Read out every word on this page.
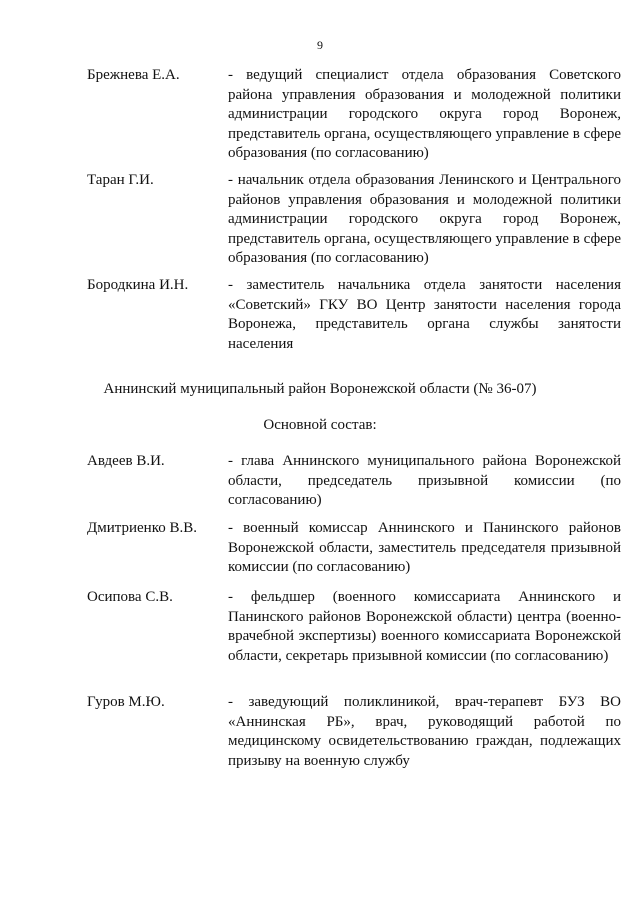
9
Брежнева Е.А.	- ведущий специалист отдела образования Советского района управления образования и молодежной политики администрации городского округа город Воронеж, представитель органа, осуществляющего управление в сфере образования (по согласованию)
Таран Г.И.	- начальник отдела образования Ленинского и Центрального районов управления образования и молодежной политики администрации городского округа город Воронеж, представитель органа, осуществляющего управление в сфере образования (по согласованию)
Бородкина И.Н.	- заместитель начальника отдела занятости населения «Советский» ГКУ ВО Центр занятости населения города Воронежа, представитель органа службы занятости населения
Аннинский муниципальный район Воронежской области (№ 36-07)
Основной состав:
Авдеев В.И.	- глава Аннинского муниципального района Воронежской области, председатель призывной комиссии (по согласованию)
Дмитриенко В.В.	- военный комиссар Аннинского и Панинского районов Воронежской области, заместитель председателя призывной комиссии (по согласованию)
Осипова С.В.	- фельдшер (военного комиссариата Аннинского и Панинского районов Воронежской области) центра (военно-врачебной экспертизы) военного комиссариата Воронежской области, секретарь призывной комиссии (по согласованию)
Гуров М.Ю.	- заведующий поликлиникой, врач-терапевт БУЗ ВО «Аннинская РБ», врач, руководящий работой по медицинскому освидетельствованию граждан, подлежащих призыву на военную службу
